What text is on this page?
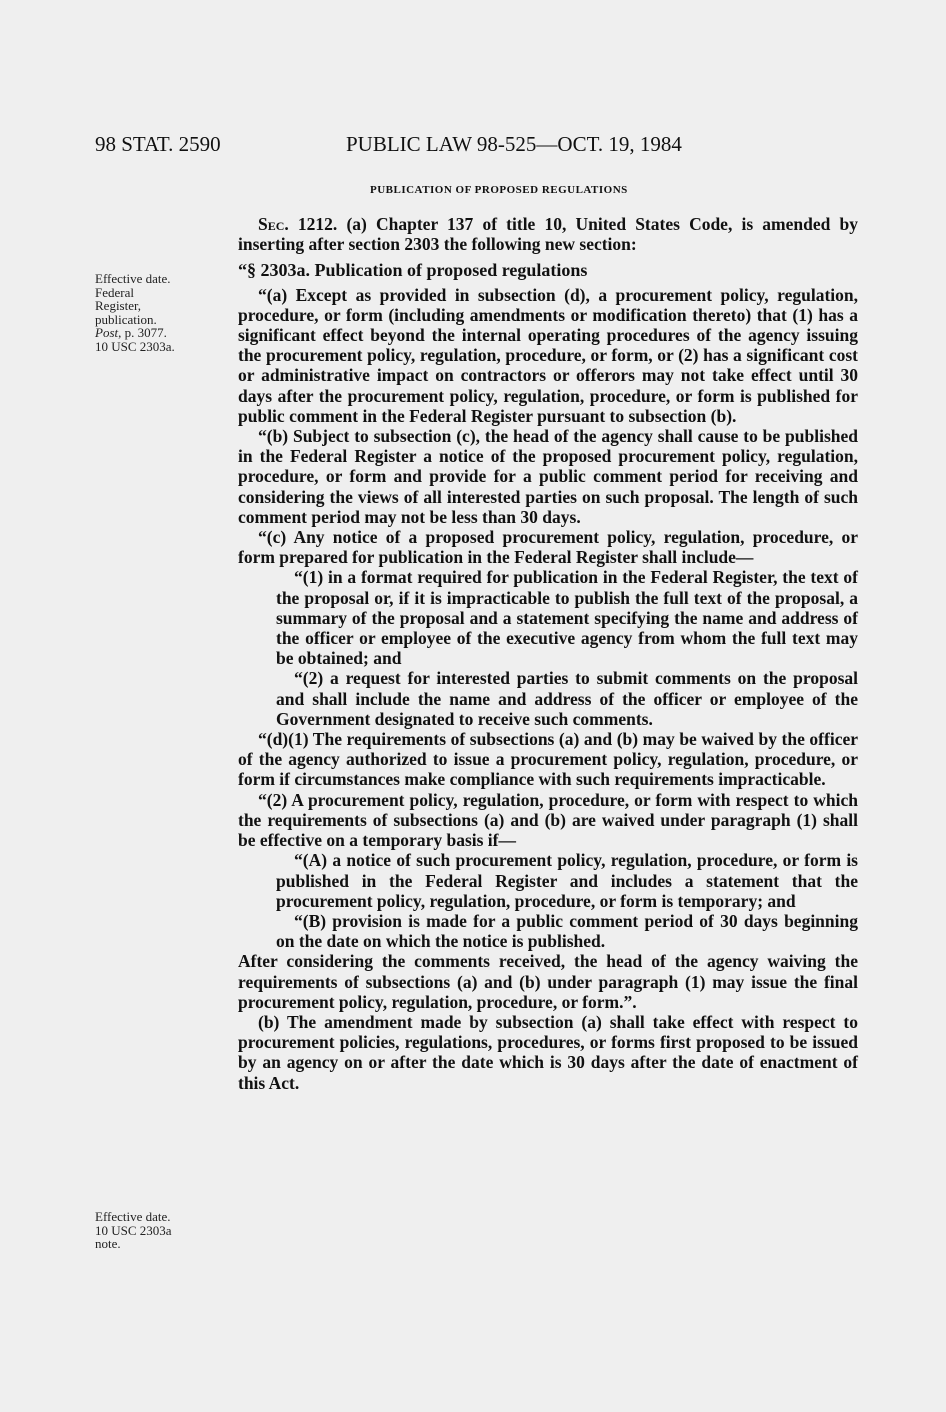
98 STAT. 2590	PUBLIC LAW 98-525—OCT. 19, 1984
PUBLICATION OF PROPOSED REGULATIONS
Effective date.
Federal
Register,
publication.
Post, p. 3077.
10 USC 2303a.
Effective date.
10 USC 2303a
note.

Sec. 1212. (a) Chapter 137 of title 10, United States Code, is amended by inserting after section 2303 the following new section:

“§ 2303a. Publication of proposed regulations

“(a) Except as provided in subsection (d), a procurement policy, regulation, procedure, or form (including amendments or modification thereto) that (1) has a significant effect beyond the internal operating procedures of the agency issuing the procurement policy, regulation, procedure, or form, or (2) has a significant cost or administrative impact on contractors or offerors may not take effect until 30 days after the procurement policy, regulation, procedure, or form is published for public comment in the Federal Register pursuant to subsection (b).

“(b) Subject to subsection (c), the head of the agency shall cause to be published in the Federal Register a notice of the proposed procurement policy, regulation, procedure, or form and provide for a public comment period for receiving and considering the views of all interested parties on such proposal. The length of such comment period may not be less than 30 days.

“(c) Any notice of a proposed procurement policy, regulation, procedure, or form prepared for publication in the Federal Register shall include—

“(1) in a format required for publication in the Federal Register, the text of the proposal or, if it is impracticable to publish the full text of the proposal, a summary of the proposal and a statement specifying the name and address of the officer or employee of the executive agency from whom the full text may be obtained; and

“(2) a request for interested parties to submit comments on the proposal and shall include the name and address of the officer or employee of the Government designated to receive such comments.

“(d)(1) The requirements of subsections (a) and (b) may be waived by the officer of the agency authorized to issue a procurement policy, regulation, procedure, or form if circumstances make compliance with such requirements impracticable.

“(2) A procurement policy, regulation, procedure, or form with respect to which the requirements of subsections (a) and (b) are waived under paragraph (1) shall be effective on a temporary basis if—

“(A) a notice of such procurement policy, regulation, procedure, or form is published in the Federal Register and includes a statement that the procurement policy, regulation, procedure, or form is temporary; and

“(B) provision is made for a public comment period of 30 days beginning on the date on which the notice is published.

After considering the comments received, the head of the agency waiving the requirements of subsections (a) and (b) under paragraph (1) may issue the final procurement policy, regulation, procedure, or form.”.

(b) The amendment made by subsection (a) shall take effect with respect to procurement policies, regulations, procedures, or forms first proposed to be issued by an agency on or after the date which is 30 days after the date of enactment of this Act.
